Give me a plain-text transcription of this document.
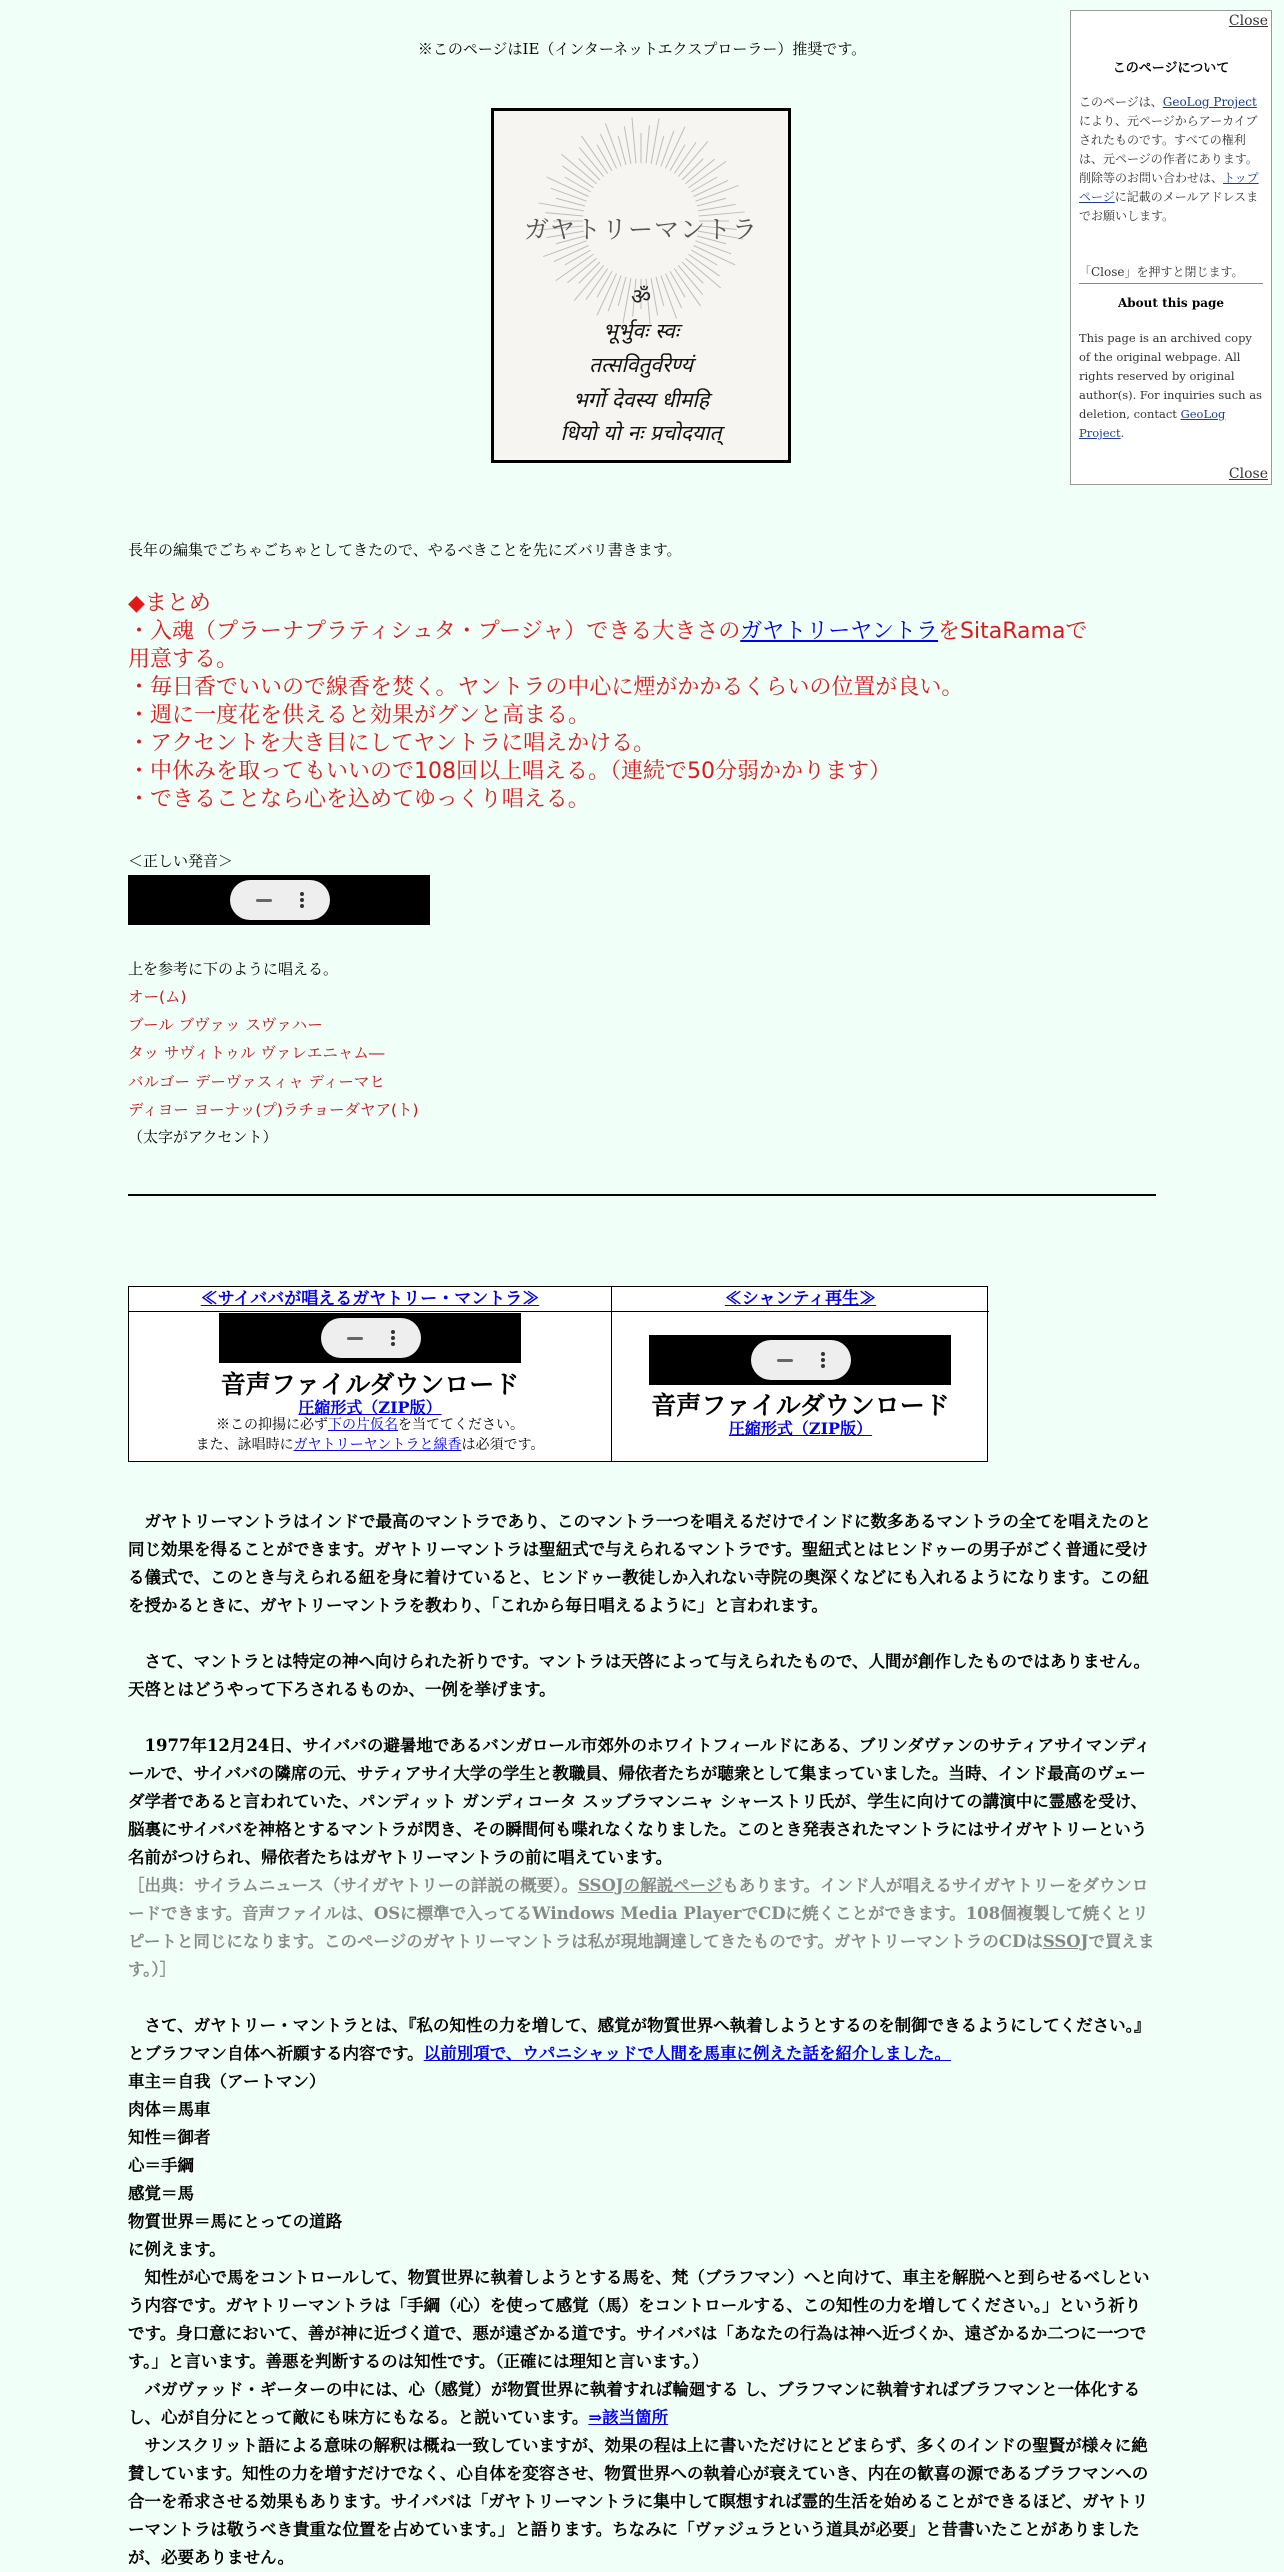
※このページはIE（インターネットエクスプローラー）推奨です。
ガヤトリーマントラ
ॐ
भूर्भुवः स्वः
तत्सवितुर्वरेण्यं
भर्गो देवस्य धीमहि
धियो यो नः प्रचोदयात्
Close
このページについて
このページは、GeoLog Projectにより、元ページからアーカイブされたものです。すべての権利は、元ページの作者にあります。削除等のお問い合わせは、トップページに記載のメールアドレスまでお願いします。
「Close」を押すと閉じます。
About this page
This page is an archived copy of the original webpage. All rights reserved by original author(s). For inquiries such as deletion, contact GeoLog Project.
Close
長年の編集でごちゃごちゃとしてきたので、やるべきことを先にズバリ書きます。
◆まとめ
・入魂（プラーナプラティシュタ・プージャ）できる大きさのガヤトリーヤントラをSitaRamaで用意する。
・毎日香でいいので線香を焚く。ヤントラの中心に煙がかかるくらいの位置が良い。
・週に一度花を供えると効果がグンと高まる。
・アクセントを大き目にしてヤントラに唱えかける。
・中休みを取ってもいいので108回以上唱える。（連続で50分弱かかります）
・できることなら心を込めてゆっくり唱える。
＜正しい発音＞
上を参考に下のように唱える。
オー(ム)
ブール ブヴァッ スヴァハー
タッ サヴィトゥル ヴァレエニャム―
バルゴー デーヴァスィャ ディーマヒ
ディヨー ヨーナッ(プ)ラチョーダヤア(ト)
（太字がアクセント）
≪サイババが唱えるガヤトリー・マントラ≫	≪シャンティ再生≫
音声ファイルダウンロード
圧縮形式（ZIP版）
※この抑揚に必ず下の片仮名を当ててください。
また、詠唱時にガヤトリーヤントラと線香は必須です。
音声ファイルダウンロード
圧縮形式（ZIP版）

　ガヤトリーマントラはインドで最高のマントラであり、このマントラ一つを唱えるだけでインドに数多あるマントラの全てを唱えたのと同じ効果を得ることができます。ガヤトリーマントラは聖紐式で与えられるマントラです。聖紐式とはヒンドゥーの男子がごく普通に受ける儀式で、このとき与えられる紐を身に着けていると、ヒンドゥー教徒しか入れない寺院の奥深くなどにも入れるようになります。この紐を授かるときに、ガヤトリーマントラを教わり、「これから毎日唱えるように」と言われます。

　さて、マントラとは特定の神へ向けられた祈りです。マントラは天啓によって与えられたもので、人間が創作したものではありません。天啓とはどうやって下ろされるものか、一例を挙げます。

　1977年12月24日、サイババの避暑地であるバンガロール市郊外のホワイトフィールドにある、ブリンダヴァンのサティアサイマンディールで、サイババの隣席の元、サティアサイ大学の学生と教職員、帰依者たちが聴衆として集まっていました。当時、インド最高のヴェーダ学者であると言われていた、パンディット ガンディコータ スッブラマンニャ シャーストリ氏が、学生に向けての講演中に霊感を受け、脳裏にサイババを神格とするマントラが閃き、その瞬間何も喋れなくなりました。このとき発表されたマントラにはサイガヤトリーという名前がつけられ、帰依者たちはガヤトリーマントラの前に唱えています。

［出典：サイラムニュース（サイガヤトリーの詳説の概要）。SSOJの解説ページもあります。インド人が唱えるサイガヤトリーをダウンロードできます。音声ファイルは、OSに標準で入ってるWindows Media PlayerでCDに焼くことができます。108個複製して焼くとリピートと同じになります。このページのガヤトリーマントラは私が現地調達してきたものです。ガヤトリーマントラのCDはSSOJで買えます。）］

　さて、ガヤトリー・マントラとは、『私の知性の力を増して、感覚が物質世界へ執着しようとするのを制御できるようにしてください。』とブラフマン自体へ祈願する内容です。以前別項で、ウパニシャッドで人間を馬車に例えた話を紹介しました。

車主＝自我（アートマン）

肉体＝馬車

知性＝御者

心＝手綱

感覚＝馬

物質世界＝馬にとっての道路

に例えます。

　知性が心で馬をコントロールして、物質世界に執着しようとする馬を、梵（ブラフマン）へと向けて、車主を解脱へと到らせるべしという内容です。ガヤトリーマントラは「手綱（心）を使って感覚（馬）をコントロールする、この知性の力を増してください。」という祈りです。身口意において、善が神に近づく道で、悪が遠ざかる道です。サイババは「あなたの行為は神へ近づくか、遠ざかるか二つに一つです。」と言います。善悪を判断するのは知性です。（正確には理知と言います。）

　バガヴァッド・ギーターの中には、心（感覚）が物質世界に執着すれば輪廻する し、ブラフマンに執着すればブラフマンと一体化するし、心が自分にとって敵にも味方にもなる。と説いています。⇒該当箇所

　サンスクリット語による意味の解釈は概ね一致していますが、効果の程は上に書いただけにとどまらず、多くのインドの聖賢が様々に絶賛しています。知性の力を増すだけでなく、心自体を変容させ、物質世界への執着心が衰えていき、内在の歓喜の源であるブラフマンへの合一を希求させる効果もあります。サイババは「ガヤトリーマントラに集中して瞑想すれば霊的生活を始めることができるほど、ガヤトリーマントラは敬うべき貴重な位置を占めています。」と語ります。ちなみに「ヴァジュラという道具が必要」と昔書いたことがありましたが、必要ありません。
